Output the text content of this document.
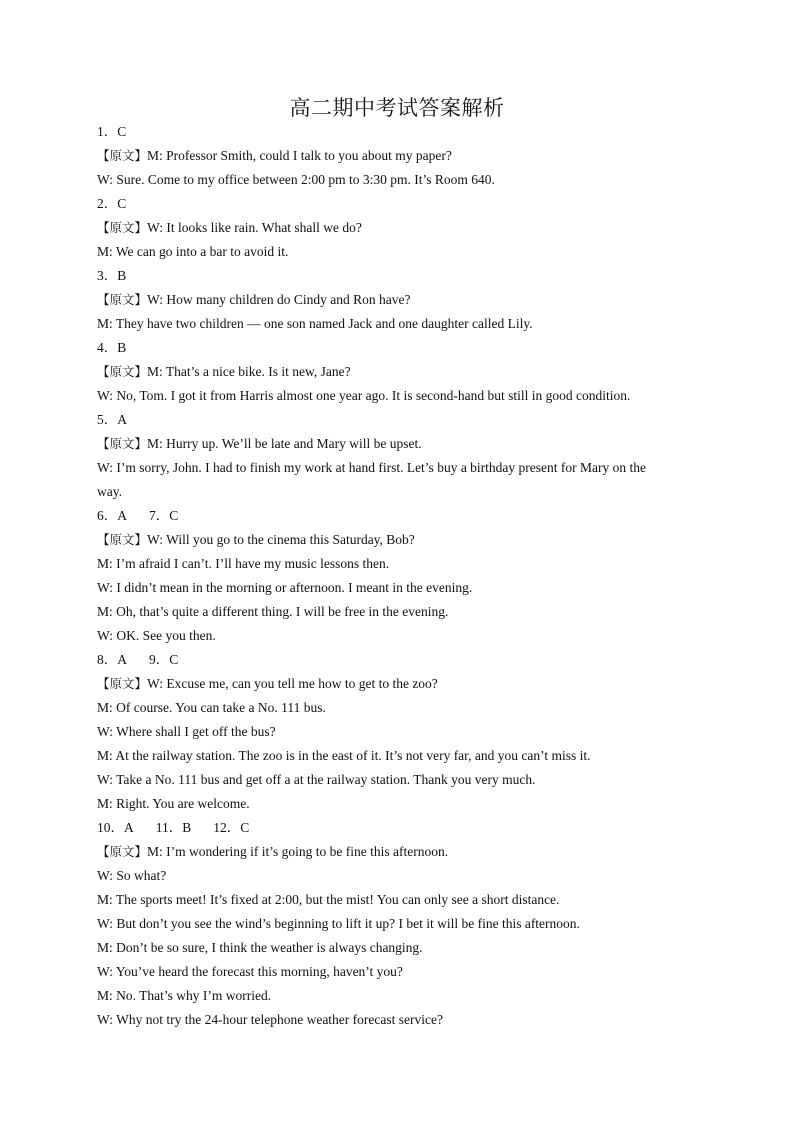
高二期中考试答案解析
1．C
【原文】M: Professor Smith, could I talk to you about my paper?
W: Sure. Come to my office between 2:00 pm to 3:30 pm. It’s Room 640.
2．C
【原文】W: It looks like rain. What shall we do?
M: We can go into a bar to avoid it.
3．B
【原文】W: How many children do Cindy and Ron have?
M: They have two children — one son named Jack and one daughter called Lily.
4．B
【原文】M: That’s a nice bike. Is it new, Jane?
W: No, Tom. I got it from Harris almost one year ago. It is second-hand but still in good condition.
5．A
【原文】M: Hurry up. We’ll be late and Mary will be upset.
W: I’m sorry, John. I had to finish my work at hand first. Let’s buy a birthday present for Mary on the
way.
6．A 7．C
【原文】W: Will you go to the cinema this Saturday, Bob?
M: I’m afraid I can’t. I’ll have my music lessons then.
W: I didn’t mean in the morning or afternoon. I meant in the evening.
M: Oh, that’s quite a different thing. I will be free in the evening.
W: OK. See you then.
8．A 9．C
【原文】W: Excuse me, can you tell me how to get to the zoo?
M: Of course. You can take a No. 111 bus.
W: Where shall I get off the bus?
M: At the railway station. The zoo is in the east of it. It’s not very far, and you can’t miss it.
W: Take a No. 111 bus and get off a at the railway station. Thank you very much.
M: Right. You are welcome.
10．A 11．B 12．C
【原文】M: I’m wondering if it’s going to be fine this afternoon.
W: So what?
M: The sports meet! It’s fixed at 2:00, but the mist! You can only see a short distance.
W: But don’t you see the wind’s beginning to lift it up? I bet it will be fine this afternoon.
M: Don’t be so sure, I think the weather is always changing.
W: You’ve heard the forecast this morning, haven’t you?
M: No. That’s why I’m worried.
W: Why not try the 24-hour telephone weather forecast service?
